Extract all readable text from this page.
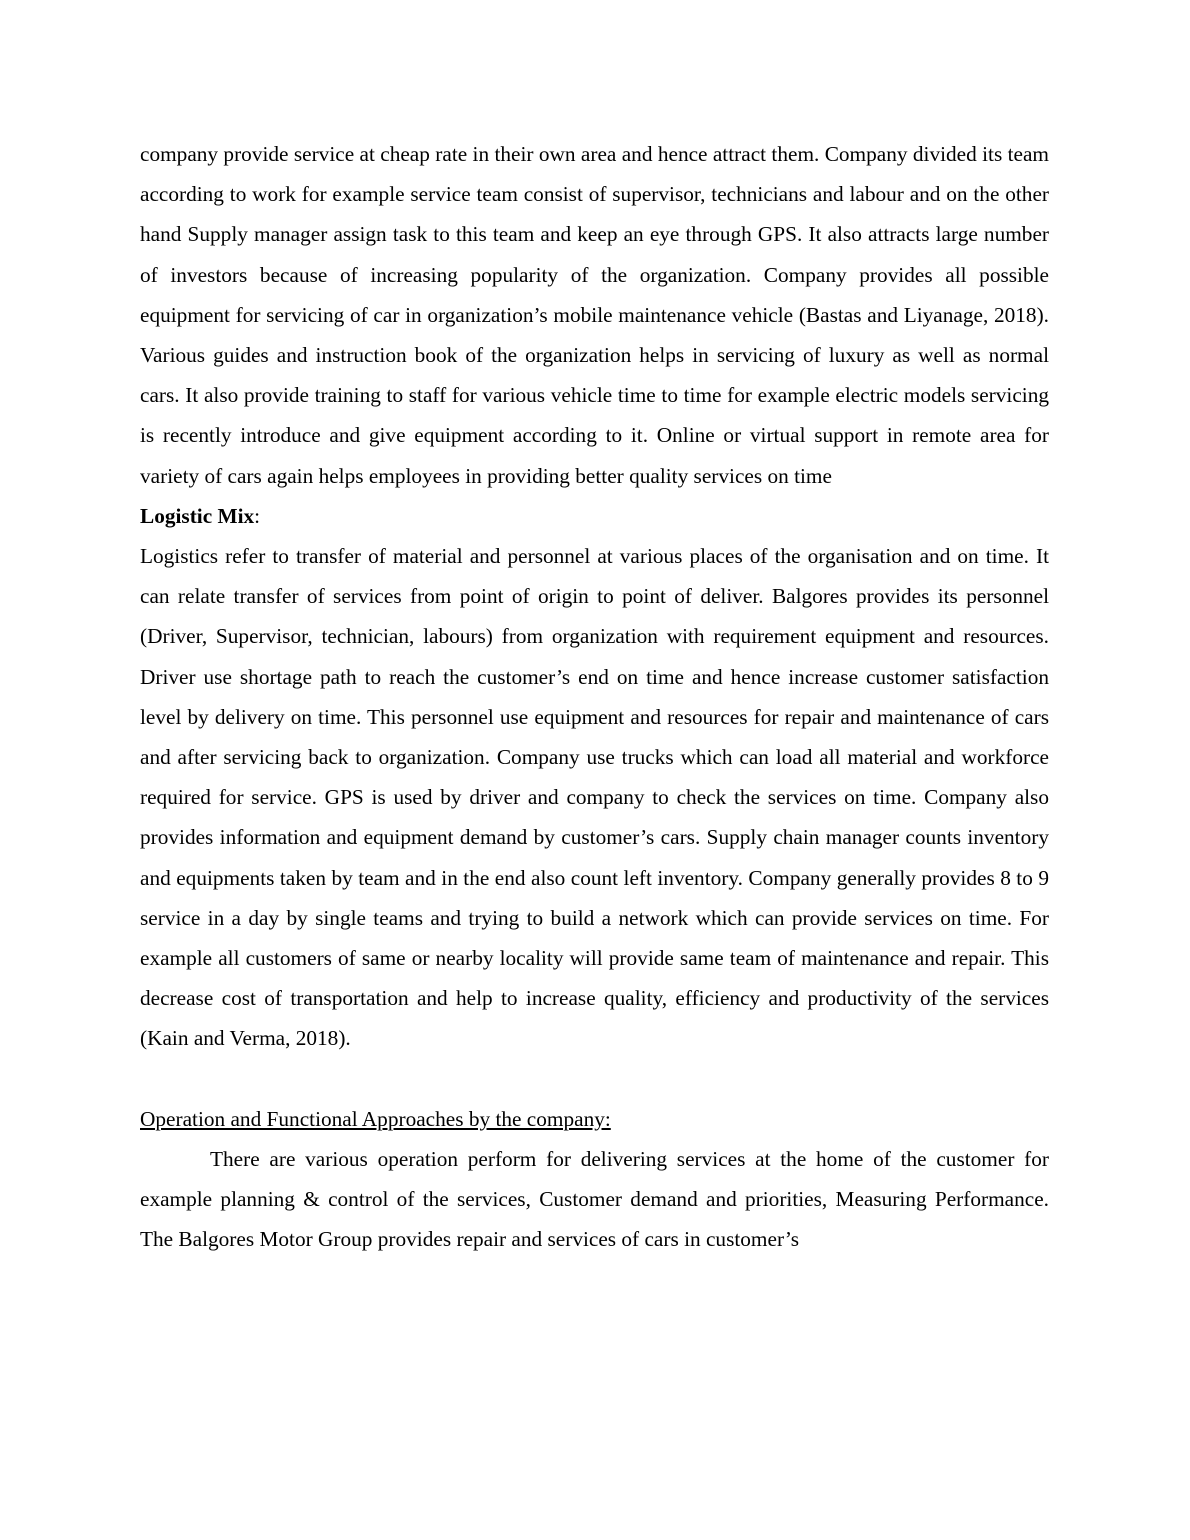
company provide service at cheap rate in their own area and hence attract them. Company divided its team according to work for example service team consist of supervisor, technicians and labour and on the other hand Supply manager assign task to this team and keep an eye through GPS. It also attracts large number of investors because of increasing popularity of the organization. Company provides all possible equipment for servicing of car in organization’s mobile maintenance vehicle (Bastas and Liyanage, 2018). Various guides and instruction book of the organization helps in servicing of luxury as well as normal cars. It also provide training to staff for various vehicle time to time for example electric models servicing is recently introduce and give equipment according to it. Online or virtual support in remote area for variety of cars again helps employees in providing better quality services on time

Logistic Mix:

Logistics refer to transfer of material and personnel at various places of the organisation and on time. It can relate transfer of services from point of origin to point of deliver. Balgores provides its personnel (Driver, Supervisor, technician, labours) from organization with requirement equipment and resources. Driver use shortage path to reach the customer’s end on time and hence increase customer satisfaction level by delivery on time. This personnel use equipment and resources for repair and maintenance of cars and after servicing back to organization. Company use trucks which can load all material and workforce required for service. GPS is used by driver and company to check the services on time. Company also provides information and equipment demand by customer’s cars. Supply chain manager counts inventory and equipments taken by team and in the end also count left inventory. Company generally provides 8 to 9 service in a day by single teams and trying to build a network which can provide services on time. For example all customers of same or nearby locality will provide same team of maintenance and repair. This decrease cost of transportation and help to increase quality, efficiency and productivity of the services (Kain and Verma, 2018).

Operation and Functional Approaches by the company:

There are various operation perform for delivering services at the home of the customer for example planning & control of the services, Customer demand and priorities, Measuring Performance. The Balgores Motor Group provides repair and services of cars in customer’s
